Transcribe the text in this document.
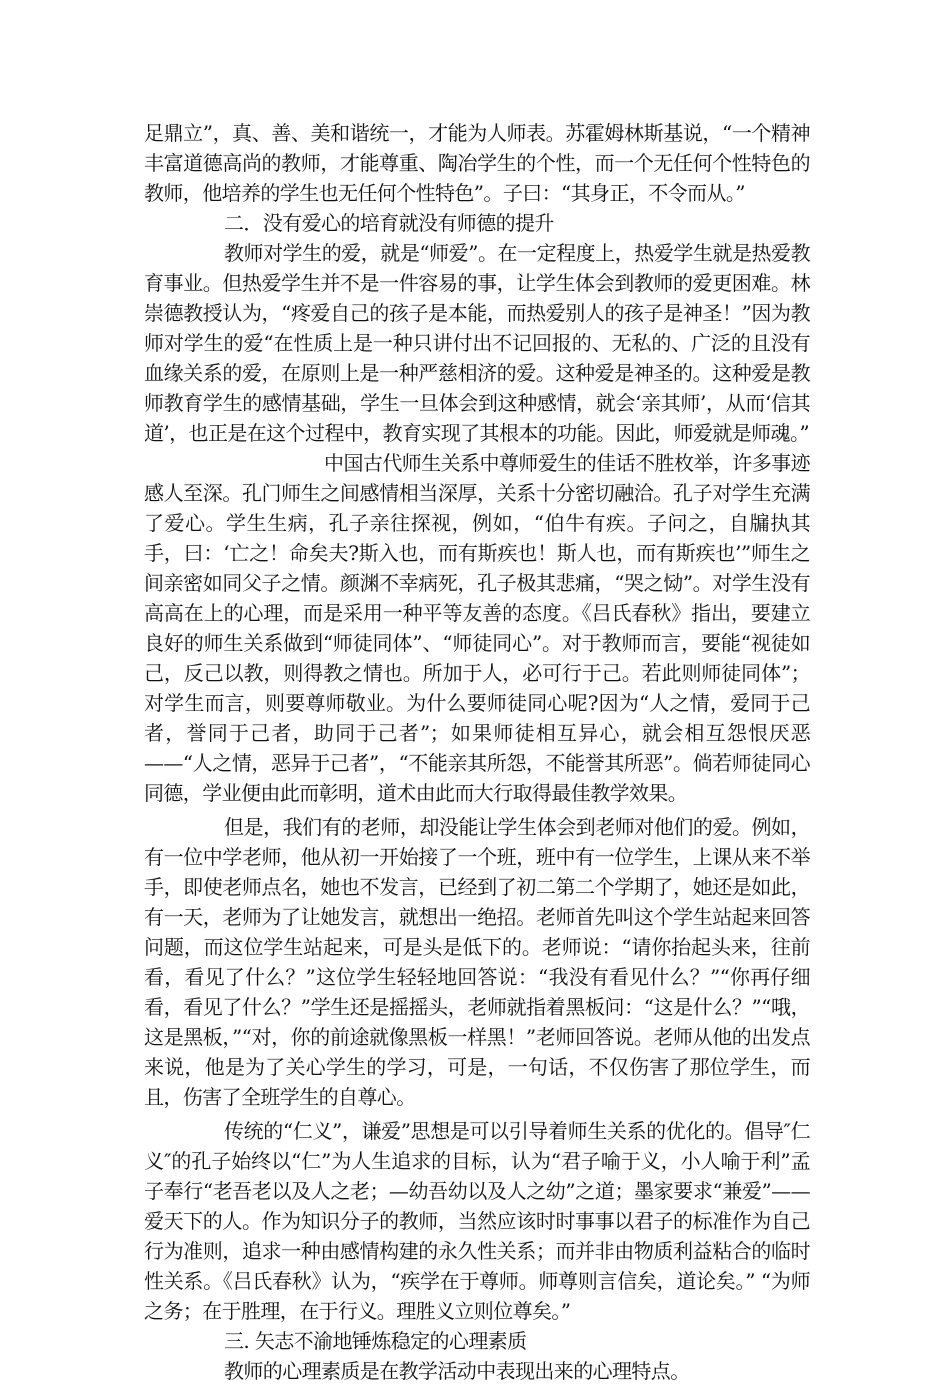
足鼎立”，真、善、美和谐统一，才能为人师表。苏霍姆林斯基说，“一个精神丰富道德高尚的教师，才能尊重、陶冶学生的个性，而一个无任何个性特色的教师，他培养的学生也无任何个性特色”。子曰：“其身正，不令而从。”

二．没有爱心的培育就没有师德的提升

教师对学生的爱，就是“师爱”。在一定程度上，热爱学生就是热爱教育事业。但热爱学生并不是一件容易的事，让学生体会到教师的爱更困难。林崇德教授认为，“疼爱自己的孩子是本能，而热爱别人的孩子是神圣！”因为教师对学生的爱“在性质上是一种只讲付出不记回报的、无私的、广泛的且没有血缘关系的爱，在原则上是一种严慈相济的爱。这种爱是神圣的。这种爱是教师教育学生的感情基础，学生一旦体会到这种感情，就会‘亲其师’，从而‘信其道’，也正是在这个过程中，教育实现了其根本的功能。因此，师爱就是师魂。”

中国古代师生关系中尊师爱生的佳话不胜枚举，许多事迹感人至深。孔门师生之间感情相当深厚，关系十分密切融洽。孔子对学生充满了爱心。学生生病，孔子亲往探视，例如，“伯牛有疾。子问之，自牖执其手，曰：‘亡之！命矣夫?斯入也，而有斯疾也！斯人也，而有斯疾也’”师生之间亲密如同父子之情。颜渊不幸病死，孔子极其悲痛，“哭之恸”。对学生没有高高在上的心理，而是采用一种平等友善的态度。《吕氏春秋》指出，要建立良好的师生关系做到“师徒同体”、“师徒同心”。对于教师而言，要能“视徒如己，反己以教，则得教之情也。所加于人，必可行于己。若此则师徒同体”；对学生而言，则要尊师敬业。为什么要师徒同心呢?因为“人之情，爱同于己者，誉同于己者，助同于己者”；如果师徒相互异心，就会相互怨恨厌恶——“人之情，恶异于己者”，“不能亲其所怨，不能誉其所恶”。倘若师徒同心同德，学业便由此而彰明，道术由此而大行取得最佳教学效果。

但是，我们有的老师，却没能让学生体会到老师对他们的爱。例如，有一位中学老师，他从初一开始接了一个班，班中有一位学生，上课从来不举手，即使老师点名，她也不发言，已经到了初二第二个学期了，她还是如此，有一天，老师为了让她发言，就想出一绝招。老师首先叫这个学生站起来回答问题，而这位学生站起来，可是头是低下的。老师说：“请你抬起头来，往前看，看见了什么？”这位学生轻轻地回答说：“我没有看见什么？”“你再仔细看，看见了什么？”学生还是摇摇头，老师就指着黑板问：“这是什么？”“哦，这是黑板，”“对，你的前途就像黑板一样黑！”老师回答说。老师从他的出发点来说，他是为了关心学生的学习，可是，一句话，不仅伤害了那位学生，而且，伤害了全班学生的自尊心。

传统的“仁义”，谦爱”思想是可以引导着师生关系的优化的。倡导″仁义″的孔子始终以“仁”为人生追求的目标，认为“君子喻于义，小人喻于利”孟子奉行“老吾老以及人之老；—幼吾幼以及人之幼”之道；墨家要求“兼爱”——爱天下的人。作为知识分子的教师，当然应该时时事事以君子的标准作为自己行为准则，追求一种由感情构建的永久性关系；而并非由物质利益粘合的临时性关系。《吕氏春秋》认为，“疾学在于尊师。师尊则言信矣，道论矣。” “为师之务；在于胜理，在于行义。理胜义立则位尊矣。”

三. 矢志不渝地锤炼稳定的心理素质

教师的心理素质是在教学活动中表现出来的心理特点。
